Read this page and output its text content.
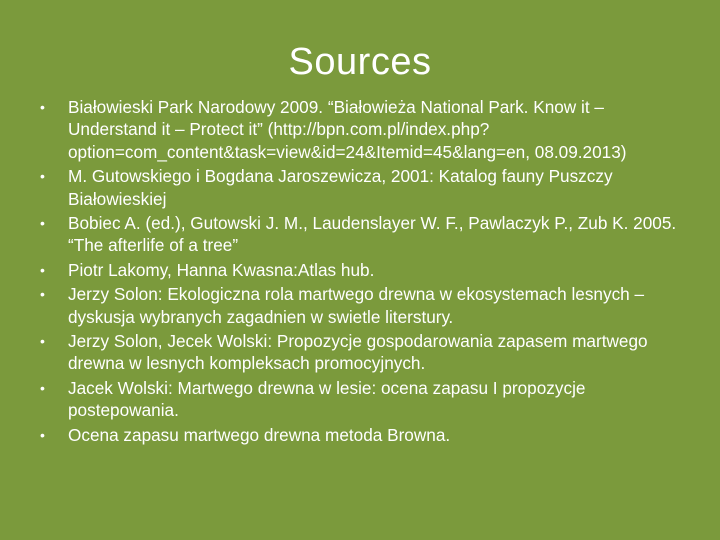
Sources
•	Białowieski Park Narodowy 2009. “Białowieża National Park. Know it – Understand it – Protect it” (http://bpn.com.pl/index.php?option=com_content&task=view&id=24&Itemid=45&lang=en, 08.09.2013)
•	M. Gutowskiego i Bogdana Jaroszewicza, 2001: Katalog fauny Puszczy Białowieskiej
•	Bobiec A. (ed.), Gutowski J. M., Laudenslayer W. F., Pawlaczyk P., Zub K. 2005. “The afterlife of a tree”
•	Piotr Lakomy, Hanna Kwasna:Atlas hub.
•	Jerzy Solon: Ekologiczna rola martwego drewna w ekosystemach lesnych – dyskusja wybranych zagadnien w swietle litersturу.
•	Jerzy Solon, Jecek Wolski: Propozycje gospodarowania zapasem martwego drewna w lesnych kompleksach promocyjnych.
•	Jacek Wolski: Martwego drewna w lesie: ocena zapasu I propozycje postepowania.
•	Ocena zapasu martwego drewna metoda Browna.
